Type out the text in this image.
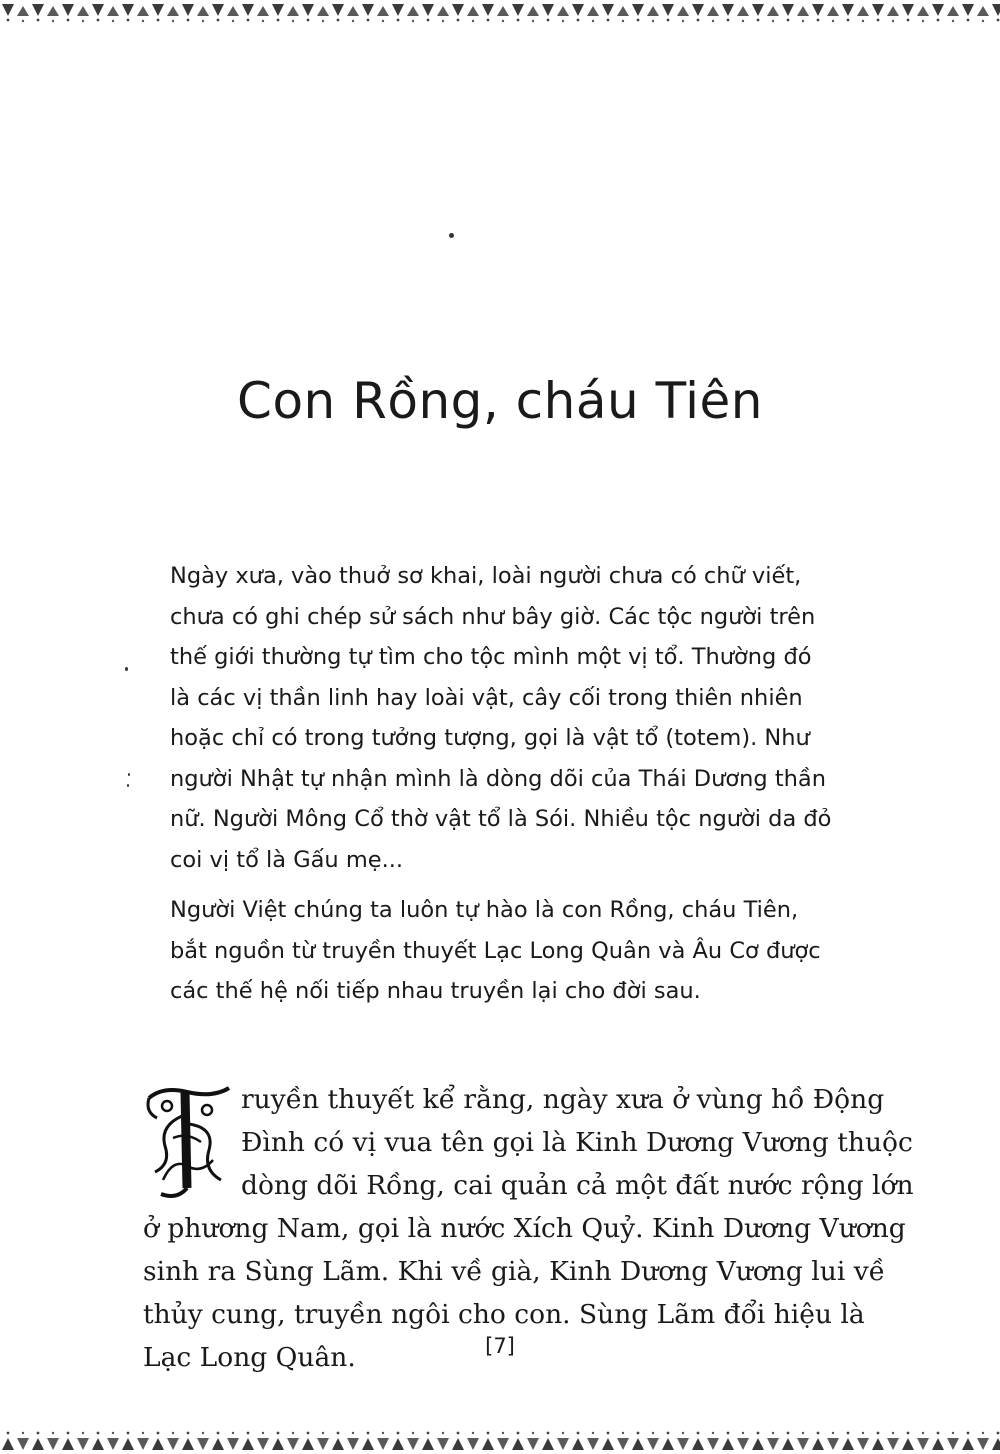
Con Rồng, cháu Tiên

Ngày xưa, vào thuở sơ khai, loài người chưa có chữ viết, chưa có ghi chép sử sách như bây giờ. Các tộc người trên thế giới thường tự tìm cho tộc mình một vị tổ. Thường đó là các vị thần linh hay loài vật, cây cối trong thiên nhiên hoặc chỉ có trong tưởng tượng, gọi là vật tổ (totem). Như người Nhật tự nhận mình là dòng dõi của Thái Dương thần nữ. Người Mông Cổ thờ vật tổ là Sói. Nhiều tộc người da đỏ coi vị tổ là Gấu mẹ...

Người Việt chúng ta luôn tự hào là con Rồng, cháu Tiên, bắt nguồn từ truyền thuyết Lạc Long Quân và Âu Cơ được các thế hệ nối tiếp nhau truyền lại cho đời sau.

ruyền thuyết kể rằng, ngày xưa ở vùng hồ Động Đình có vị vua tên gọi là Kinh Dương Vương thuộc dòng dõi Rồng, cai quản cả một đất nước rộng lớn ở phương Nam, gọi là nước Xích Quỷ. Kinh Dương Vương sinh ra Sùng Lãm. Khi về già, Kinh Dương Vương lui về thủy cung, truyền ngôi cho con. Sùng Lãm đổi hiệu là Lạc Long Quân.	[7]
